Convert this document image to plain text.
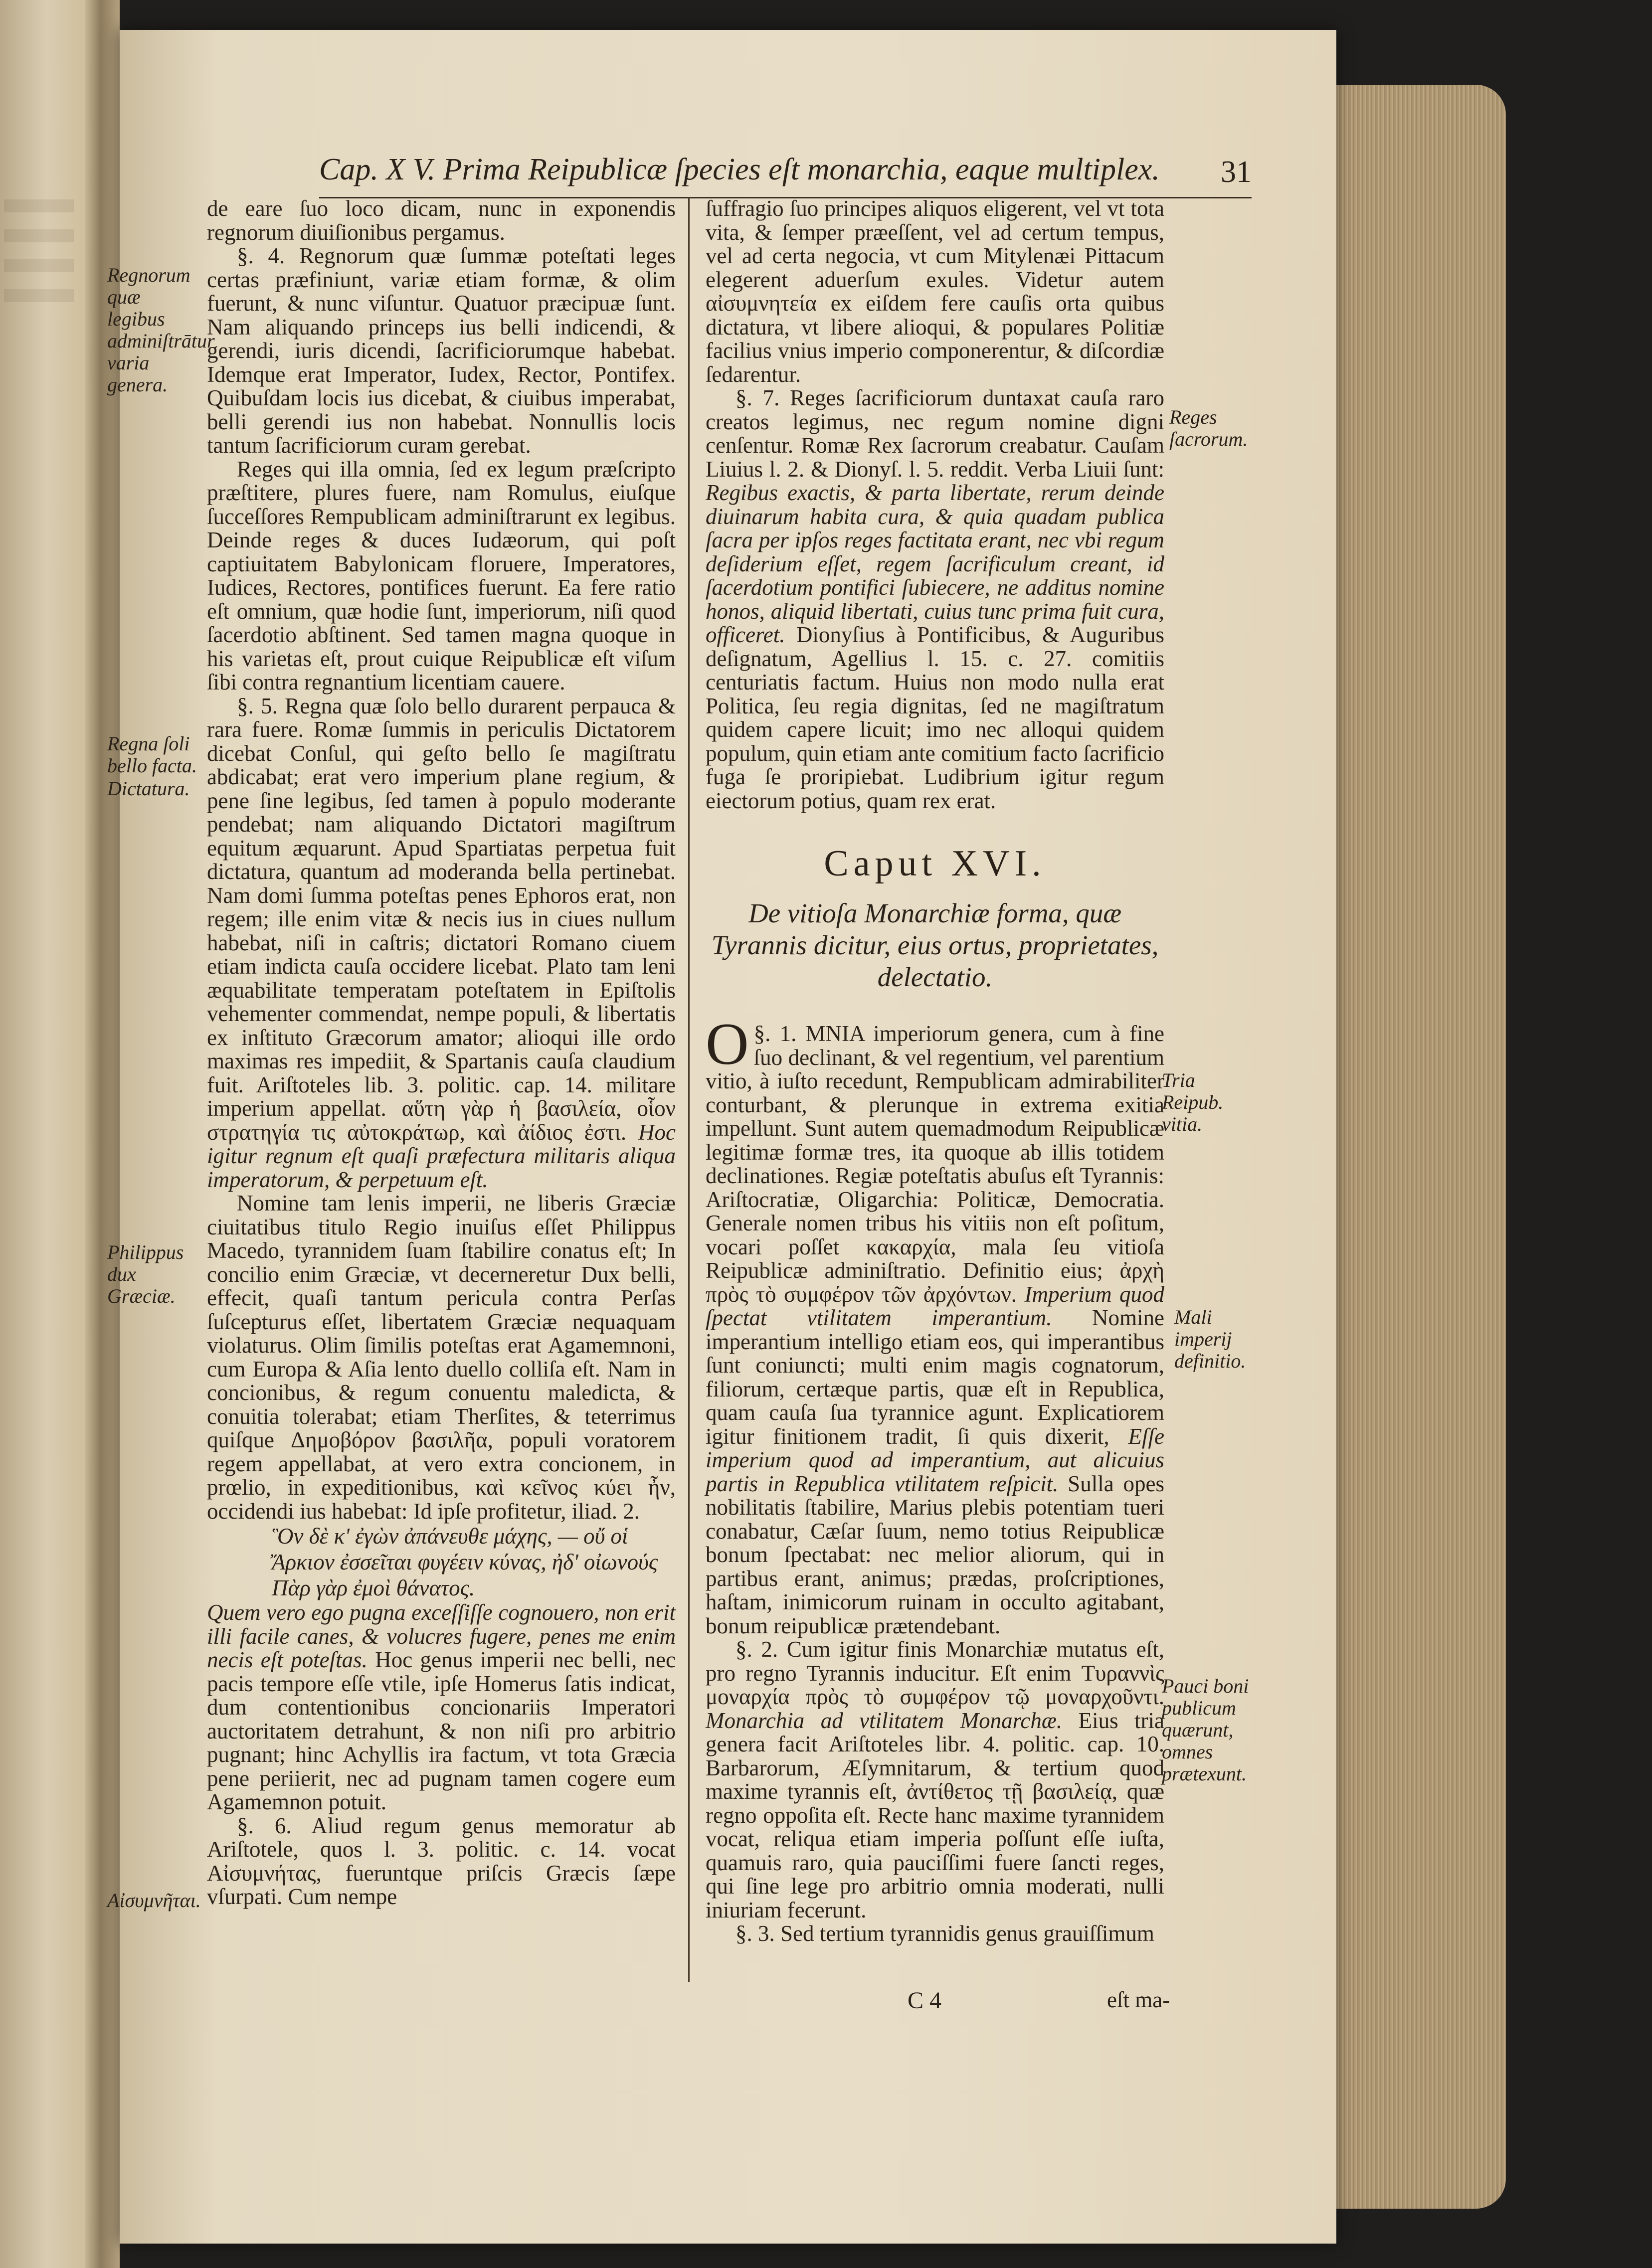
Cap. X V. Prima Reipublicæ ſpecies eſt monarchia, eaque multiplex. 31

de eare ſuo loco dicam, nunc in exponendis regnorum diuiſionibus pergamus.

§. 4. Regnorum quæ ſummæ poteſtati leges certas præfiniunt, variæ etiam formæ, & olim fuerunt, & nunc viſuntur. Quatuor præcipuæ ſunt. Nam aliquando princeps ius belli indicendi, & gerendi, iuris dicendi, ſacrificiorumque habebat. Idemque erat Imperator, Iudex, Rector, Pontifex. Quibuſdam locis ius dicebat, & ciuibus imperabat, belli gerendi ius non habebat. Nonnullis locis tantum ſacrificiorum curam gerebat.

Reges qui illa omnia, ſed ex legum præſcripto præſtitere, plures fuere, nam Romulus, eiuſque ſucceſſores Rempublicam adminiſtrarunt ex legibus. Deinde reges & duces Iudæorum, qui poſt captiuitatem Babylonicam floruere, Imperatores, Iudices, Rectores, pontifices fuerunt. Ea fere ratio eſt omnium, quæ hodie ſunt, imperiorum, niſi quod ſacerdotio abſtinent. Sed tamen magna quoque in his varietas eſt, prout cuique Reipublicæ eſt viſum ſibi contra regnantium licentiam cauere.

§. 5. Regna quæ ſolo bello durarent perpauca & rara fuere. Romæ ſummis in periculis Dictatorem dicebat Conſul, qui geſto bello ſe magiſtratu abdicabat; erat vero imperium plane regium, & pene ſine legibus, ſed tamen à populo moderante pendebat; nam aliquando Dictatori magiſtrum equitum æquarunt. Apud Spartiatas perpetua fuit dictatura, quantum ad moderanda bella pertinebat. Nam domi ſumma poteſtas penes Ephoros erat, non regem; ille enim vitæ & necis ius in ciues nullum habebat, niſi in caſtris; dictatori Romano ciuem etiam indicta cauſa occidere licebat. Plato tam leni æquabilitate temperatam poteſtatem in Epiſtolis vehementer commendat, nempe populi, & libertatis ex inſtituto Græcorum amator; alioqui ille ordo maximas res impediit, & Spartanis cauſa claudium fuit. Ariſtoteles lib. 3. politic. cap. 14. militare imperium appellat. αὕτη γὰρ ἡ βασιλεία, οἷον στρατηγία τις αὐτοκράτωρ, καὶ ἀίδιος ἐστι. Hoc igitur regnum eſt quaſi præfectura militaris aliqua imperatorum, & perpetuum eſt.

Nomine tam lenis imperii, ne liberis Græciæ ciuitatibus titulo Regio inuiſus eſſet Philippus Macedo, tyrannidem ſuam ſtabilire conatus eſt; In concilio enim Græciæ, vt decerneretur Dux belli, effecit, quaſi tantum pericula contra Perſas ſuſcepturus eſſet, libertatem Græciæ nequaquam violaturus. Olim ſimilis poteſtas erat Agamemnoni, cum Europa & Aſia lento duello colliſa eſt. Nam in concionibus, & regum conuentu maledicta, & conuitia tolerabat; etiam Therſites, & teterrimus quiſque Δημοβόρον βασιλῆα, populi voratorem regem appellabat, at vero extra concionem, in prœlio, in expeditionibus, καὶ κεῖνος κύει ἦν, occidendi ius habebat: Id ipſe profitetur, iliad. 2.

Ὃν δὲ κ' ἐγὼν ἀπάνευθε μάχης, — οὔ οἱ
Ἄρκιον ἐσσεῖται φυγέειν κύνας, ἠδ' οἰωνούς
Πὰρ γὰρ ἐμοὶ θάνατος.

Quem vero ego pugna exceſſiſſe cognouero, non erit illi facile canes, & volucres fugere, penes me enim necis eſt poteſtas. Hoc genus imperii nec belli, nec pacis tempore eſſe vtile, ipſe Homerus ſatis indicat, dum contentionibus concionariis Imperatori auctoritatem detrahunt, & non niſi pro arbitrio pugnant; hinc Achyllis ira factum, vt tota Græcia pene periierit, nec ad pugnam tamen cogere eum Agamemnon potuit.

§. 6. Aliud regum genus memoratur ab Ariſtotele, quos l. 3. politic. c. 14. vocat Αἰσυμνήτας, fueruntque priſcis Græcis ſæpe vſurpati. Cum nempe

Regnorum quæ legibus adminiſtrātur varia genera.
Regna ſoli bello facta.
Dictatura.
Philippus dux Græciæ.
Αἰσυμνῆται.

ſuffragio ſuo principes aliquos eligerent, vel vt tota vita, & ſemper præeſſent, vel ad certum tempus, vel ad certa negocia, vt cum Mitylenæi Pittacum elegerent aduerſum exules. Videtur autem αἰσυμνητεία ex eiſdem fere cauſis orta quibus dictatura, vt libere alioqui, & populares Politiæ facilius vnius imperio componerentur, & diſcordiæ ſedarentur.

§. 7. Reges ſacrificiorum duntaxat cauſa raro creatos legimus, nec regum nomine digni cenſentur. Romæ Rex ſacrorum creabatur. Cauſam Liuius l. 2. & Dionyſ. l. 5. reddit. Verba Liuii ſunt: Regibus exactis, & parta libertate, rerum deinde diuinarum habita cura, & quia quadam publica ſacra per ipſos reges factitata erant, nec vbi regum deſiderium eſſet, regem ſacrificulum creant, id ſacerdotium pontifici ſubiecere, ne additus nomine honos, aliquid libertati, cuius tunc prima fuit cura, officeret. Dionyſius à Pontificibus, & Auguribus deſignatum, Agellius l. 15. c. 27. comitiis centuriatis factum. Huius non modo nulla erat Politica, ſeu regia dignitas, ſed ne magiſtratum quidem capere licuit; imo nec alloqui quidem populum, quin etiam ante comitium facto ſacrificio fuga ſe proripiebat. Ludibrium igitur regum eiectorum potius, quam rex erat.

Caput XVI.
De vitioſa Monarchiæ forma, quæ Tyrannis dicitur, eius ortus, proprietates, delectatio.

§. 1.
O	MNIA imperiorum genera, cum à fine ſuo declinant, & vel regentium, vel parentium vitio, à iuſto recedunt, Rempublicam admirabiliter conturbant, & plerunque in extrema exitia impellunt. Sunt autem quemadmodum Reipublicæ legitimæ formæ tres, ita quoque ab illis totidem declinationes. Regiæ poteſtatis abuſus eſt Tyrannis: Ariſtocratiæ, Oligarchia: Politicæ, Democratia. Generale nomen tribus his vitiis non eſt poſitum, vocari poſſet κακαρχία, mala ſeu vitioſa Reipublicæ adminiſtratio. Definitio eius; ἀρχὴ πρὸς τὸ συμφέρον τῶν ἀρχόντων. Imperium quod ſpectat vtilitatem imperantium. Nomine imperantium intelligo etiam eos, qui imperantibus ſunt coniuncti; multi enim magis cognatorum, filiorum, certæque partis, quæ eſt in Republica, quam cauſa ſua tyrannice agunt. Explicatiorem igitur finitionem tradit, ſi quis dixerit, Eſſe imperium quod ad imperantium, aut alicuius partis in Republica vtilitatem reſpicit. Sulla opes nobilitatis ſtabilire, Marius plebis potentiam tueri conabatur, Cæſar ſuum, nemo totius Reipublicæ bonum ſpectabat: nec melior aliorum, qui in partibus erant, animus; prædas, proſcriptiones, haſtam, inimicorum ruinam in occulto agitabant, bonum reipublicæ prætendebant.

§. 2. Cum igitur finis Monarchiæ mutatus eſt, pro regno Tyrannis inducitur. Eſt enim Τυραννὶς μοναρχία πρὸς τὸ συμφέρον τῷ μοναρχοῦντι. Monarchia ad vtilitatem Monarchæ. Eius tria genera facit Ariſtoteles libr. 4. politic. cap. 10. Barbarorum, Æſymnitarum, & tertium quod maxime tyrannis eſt, ἀντίθετος τῇ βασιλείᾳ, quæ regno oppoſita eſt. Recte hanc maxime tyrannidem vocat, reliqua etiam imperia poſſunt eſſe iuſta, quamuis raro, quia pauciſſimi fuere ſancti reges, qui ſine lege pro arbitrio omnia moderati, nulli iniuriam fecerunt.

§. 3. Sed tertium tyrannidis genus grauiſſimum

Reges ſacrorum.
Tria Reipub. vitia.
Mali imperij definitio.
Pauci boni publicum quærunt, omnes prætexunt.
C 4	eſt ma-
